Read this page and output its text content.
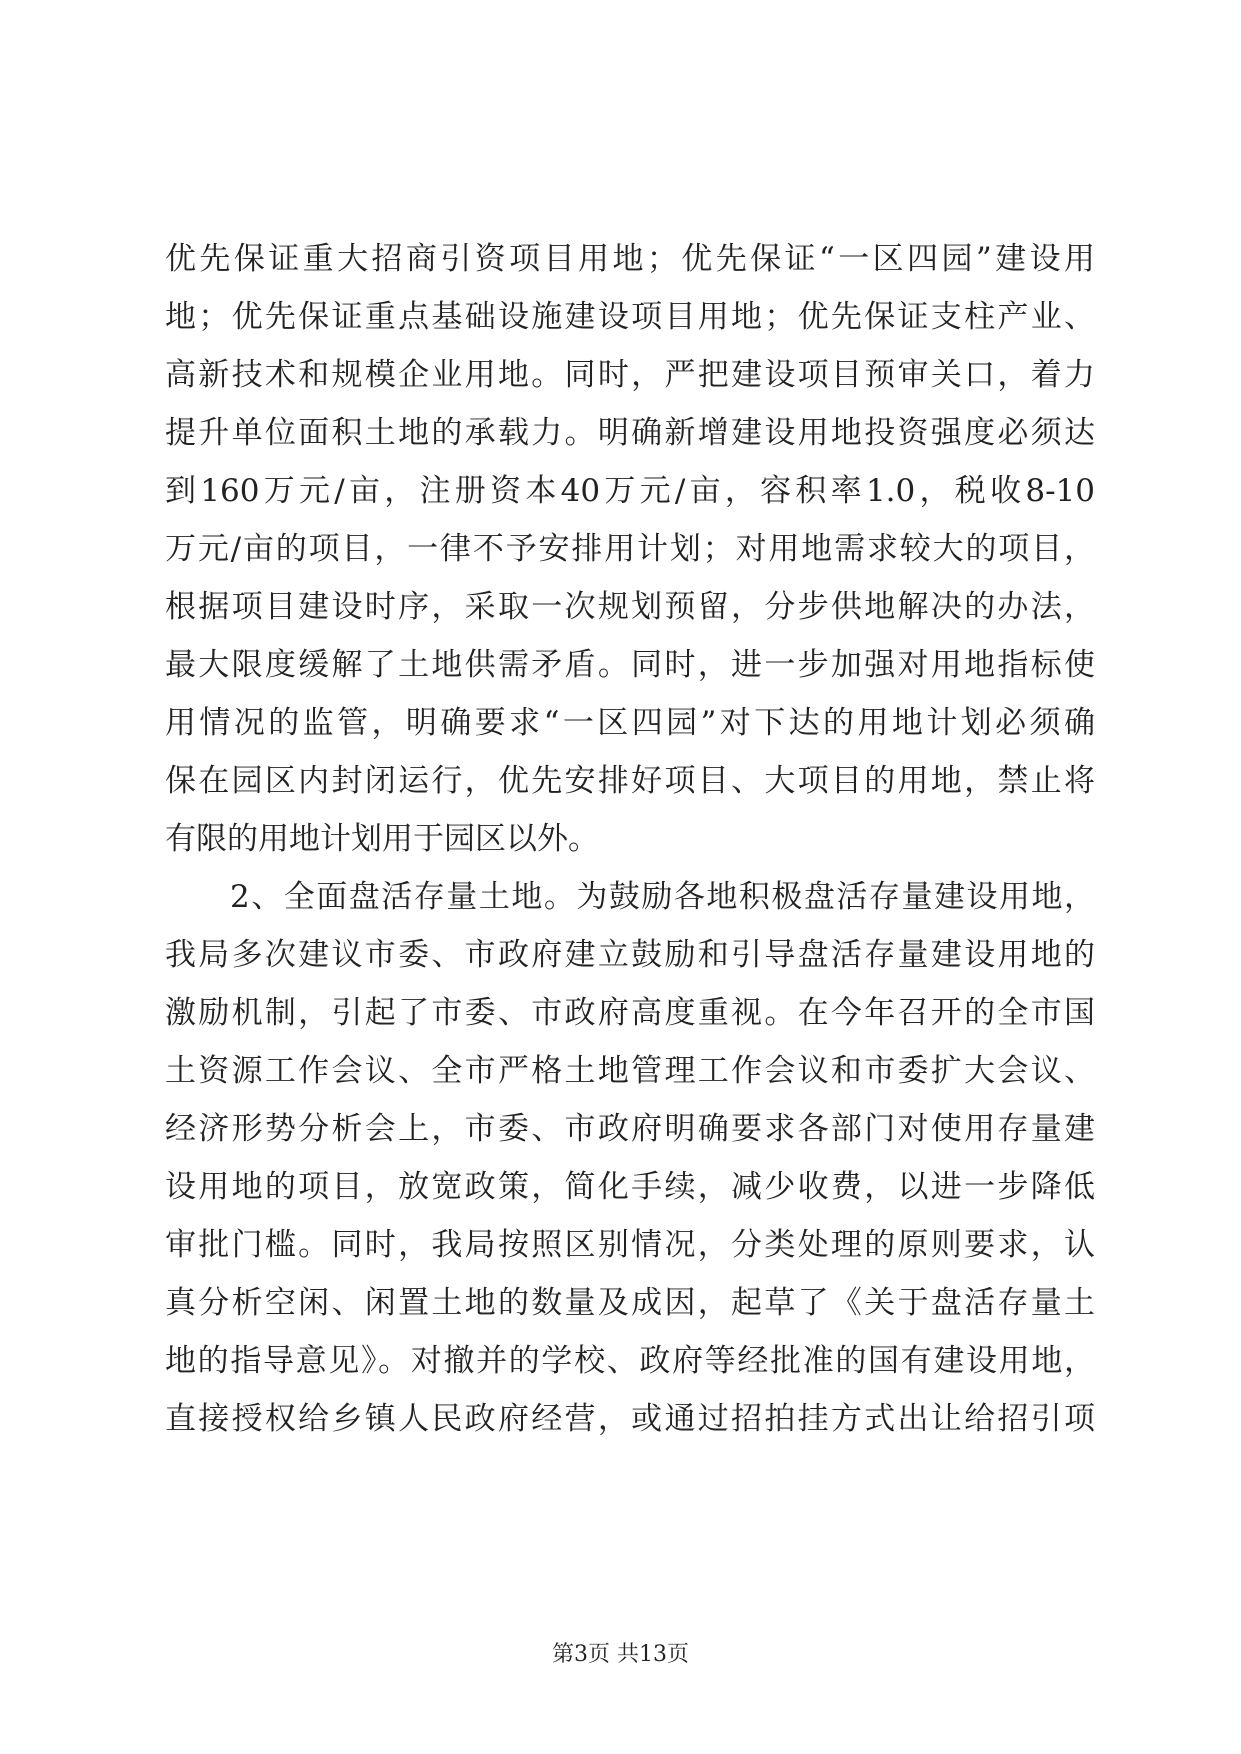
优先保证重大招商引资项目用地；优先保证“一区四园”建设用
地；优先保证重点基础设施建设项目用地；优先保证支柱产业、
高新技术和规模企业用地。同时，严把建设项目预审关口，着力
提升单位面积土地的承载力。明确新增建设用地投资强度必须达
到160万元/亩，注册资本40万元/亩，容积率1.0，税收8-10
万元/亩的项目，一律不予安排用计划；对用地需求较大的项目，
根据项目建设时序，采取一次规划预留，分步供地解决的办法，
最大限度缓解了土地供需矛盾。同时，进一步加强对用地指标使
用情况的监管，明确要求“一区四园”对下达的用地计划必须确
保在园区内封闭运行，优先安排好项目、大项目的用地，禁止将
有限的用地计划用于园区以外。
　　2、全面盘活存量土地。为鼓励各地积极盘活存量建设用地，
我局多次建议市委、市政府建立鼓励和引导盘活存量建设用地的
激励机制，引起了市委、市政府高度重视。在今年召开的全市国
土资源工作会议、全市严格土地管理工作会议和市委扩大会议、
经济形势分析会上，市委、市政府明确要求各部门对使用存量建
设用地的项目，放宽政策，简化手续，减少收费，以进一步降低
审批门槛。同时，我局按照区别情况，分类处理的原则要求，认
真分析空闲、闲置土地的数量及成因，起草了《关于盘活存量土
地的指导意见》。对撤并的学校、政府等经批准的国有建设用地，
直接授权给乡镇人民政府经营，或通过招拍挂方式出让给招引项
第3页 共13页
